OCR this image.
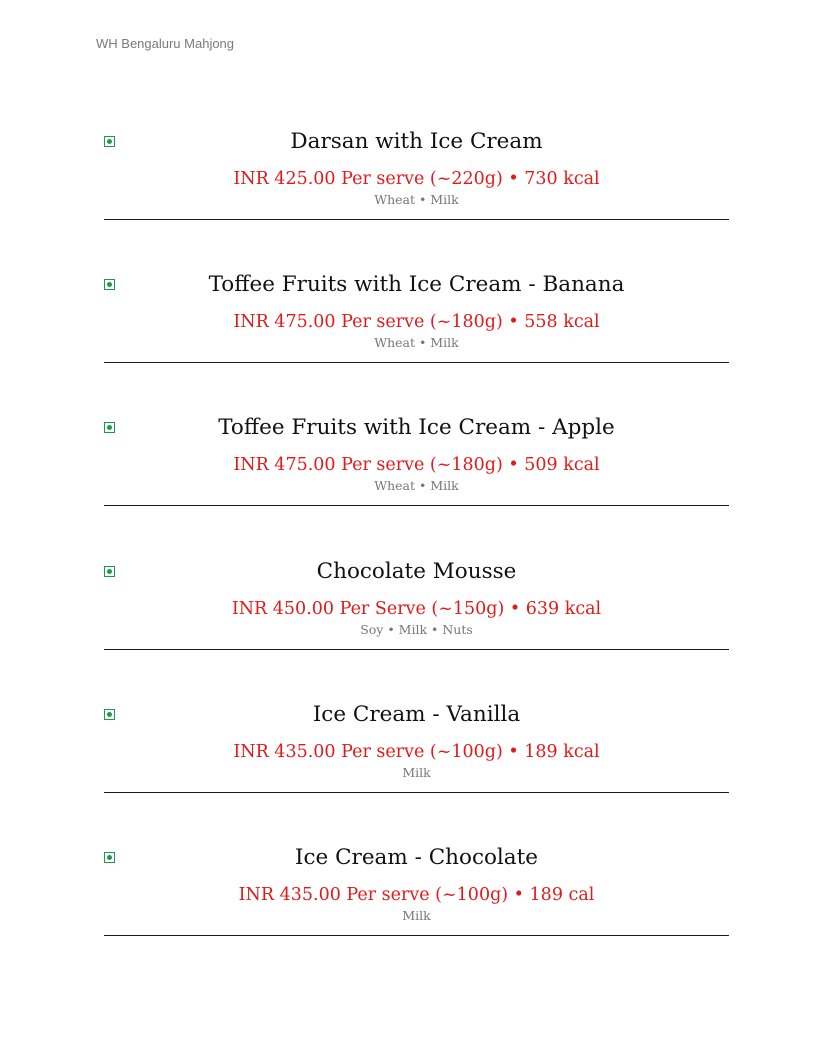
WH Bengaluru Mahjong
Darsan with Ice Cream
INR 425.00 Per serve (~220g) • 730 kcal
Wheat • Milk
Toffee Fruits with Ice Cream - Banana
INR 475.00 Per serve (~180g) • 558 kcal
Wheat • Milk
Toffee Fruits with Ice Cream - Apple
INR 475.00 Per serve (~180g) • 509 kcal
Wheat • Milk
Chocolate Mousse
INR 450.00 Per Serve (~150g) • 639 kcal
Soy • Milk • Nuts
Ice Cream - Vanilla
INR 435.00 Per serve (~100g) • 189 kcal
Milk
Ice Cream - Chocolate
INR 435.00 Per serve (~100g) • 189 cal
Milk
